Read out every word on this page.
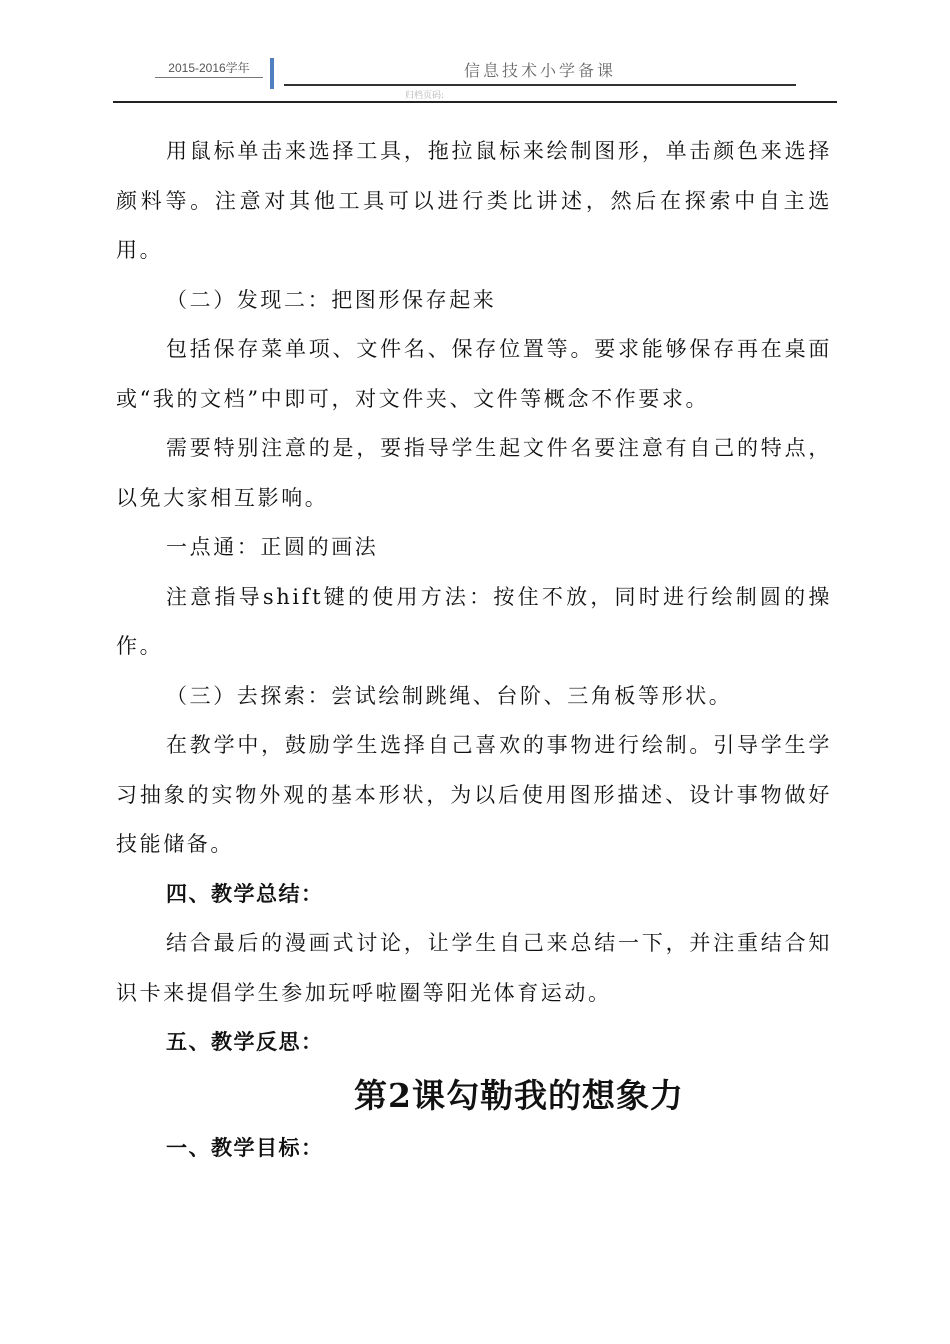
2015-2016学年	信息技术小学备课
归档页码:

用鼠标单击来选择工具，拖拉鼠标来绘制图形，单击颜色来选择颜料等。注意对其他工具可以进行类比讲述，然后在探索中自主选用。

（二）发现二：把图形保存起来

包括保存菜单项、文件名、保存位置等。要求能够保存再在桌面或“我的文档”中即可，对文件夹、文件等概念不作要求。

需要特别注意的是，要指导学生起文件名要注意有自己的特点，以免大家相互影响。

一点通：正圆的画法

注意指导shift键的使用方法：按住不放，同时进行绘制圆的操作。

（三）去探索：尝试绘制跳绳、台阶、三角板等形状。

在教学中，鼓励学生选择自己喜欢的事物进行绘制。引导学生学习抽象的实物外观的基本形状，为以后使用图形描述、设计事物做好技能储备。

四、教学总结：

结合最后的漫画式讨论，让学生自己来总结一下，并注重结合知识卡来提倡学生参加玩呼啦圈等阳光体育运动。

五、教学反思：

第2课勾勒我的想象力

一、教学目标：
